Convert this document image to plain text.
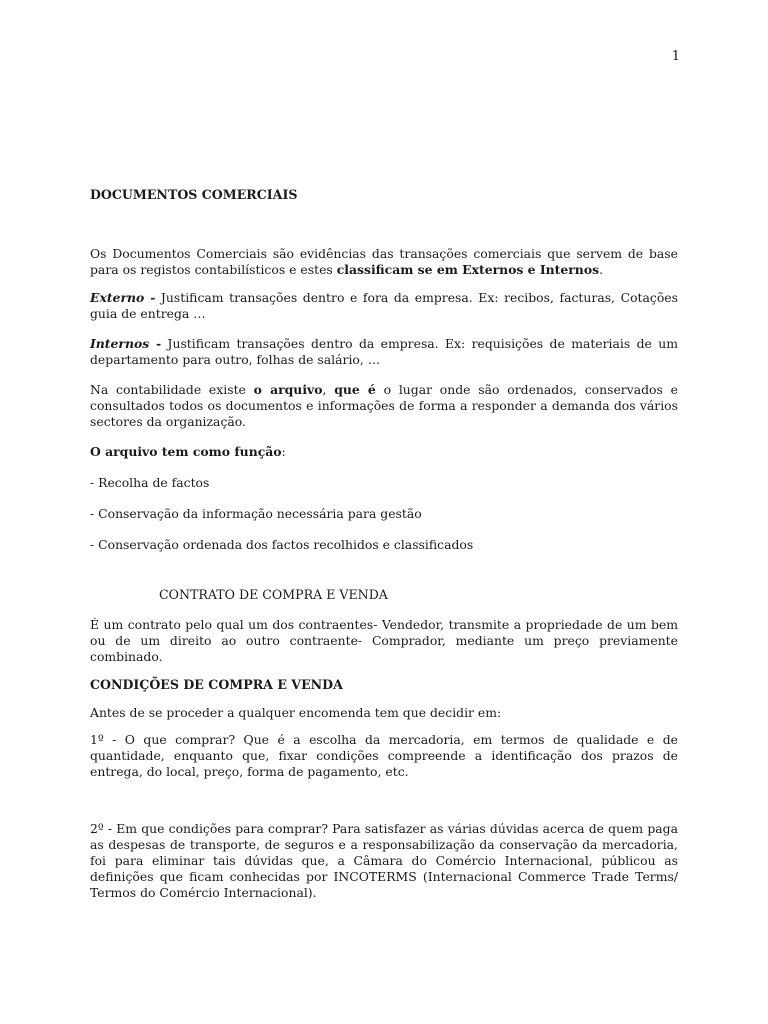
1
DOCUMENTOS COMERCIAIS

Os Documentos Comerciais são evidências das transações comerciais que servem de base para os registos contabilísticos e estes classificam se em Externos e Internos.

Externo - Justificam transações dentro e fora da empresa. Ex: recibos, facturas, Cotações guia de entrega …

Internos - Justificam transações dentro da empresa. Ex: requisições de materiais de um departamento para outro, folhas de salário, …

Na contabilidade existe o arquivo, que é o lugar onde são ordenados, conservados e consultados todos os documentos e informações de forma a responder a demanda dos vários sectores da organização.

O arquivo tem como função:

- Recolha de factos

- Conservação da informação necessária para gestão

- Conservação ordenada dos factos recolhidos e classificados

CONTRATO DE COMPRA E VENDA

É um contrato pelo qual um dos contraentes- Vendedor, transmite a propriedade de um bem ou de um direito ao outro contraente- Comprador, mediante um preço previamente combinado.

CONDIÇÕES DE COMPRA E VENDA

Antes de se proceder a qualquer encomenda tem que decidir em:

1º - O que comprar? Que é a escolha da mercadoria, em termos de qualidade e de quantidade, enquanto que, fixar condições compreende a identificação dos prazos de entrega, do local, preço, forma de pagamento, etc.

2º - Em que condições para comprar? Para satisfazer as várias dúvidas acerca de quem paga as despesas de transporte, de seguros e a responsabilização da conservação da mercadoria, foi para eliminar tais dúvidas que, a Câmara do Comércio Internacional, públicou as definições que ficam conhecidas por INCOTERMS (Internacional Commerce Trade Terms/ Termos do Comércio Internacional).
